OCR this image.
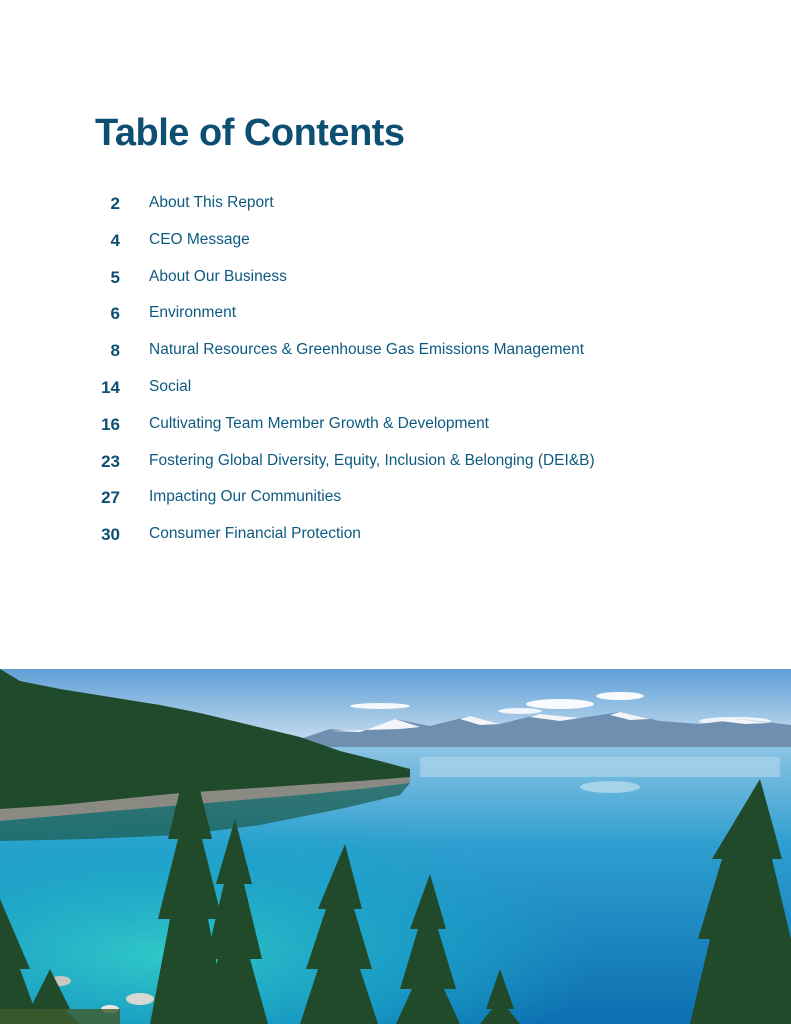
Table of Contents
2 About This Report
4 CEO Message
5 About Our Business
6 Environment
8 Natural Resources & Greenhouse Gas Emissions Management
14 Social
16 Cultivating Team Member Growth & Development
23 Fostering Global Diversity, Equity, Inclusion & Belonging (DEI&B)
27 Impacting Our Communities
30 Consumer Financial Protection
